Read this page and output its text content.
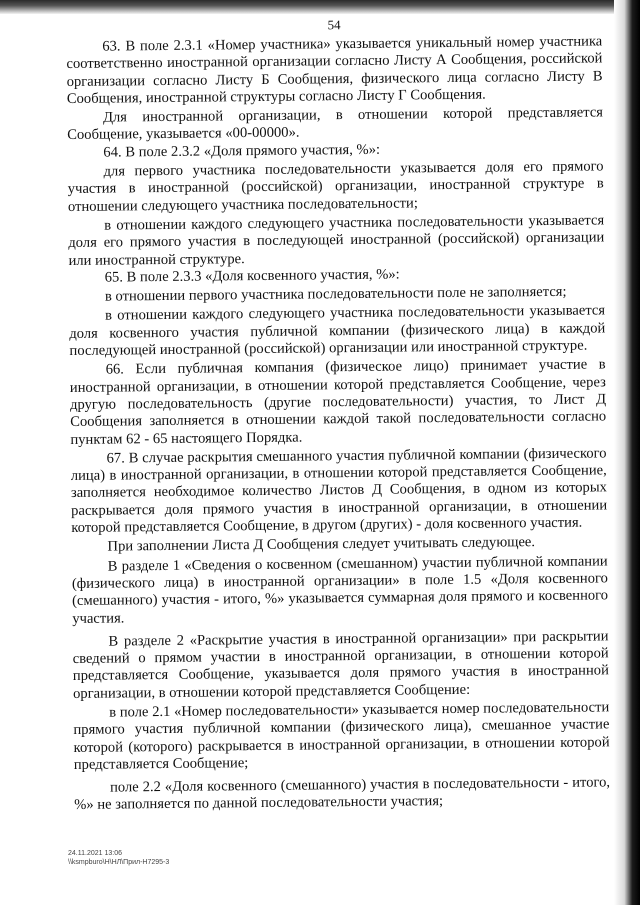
54

63. В поле 2.3.1 «Номер участника» указывается уникальный номер участника соответственно иностранной организации согласно Листу А Сообщения, российской организации согласно Листу Б Сообщения, физического лица согласно Листу В Сообщения, иностранной структуры согласно Листу Г Сообщения.

Для иностранной организации, в отношении которой представляется Сообщение, указывается «00-00000».

64. В поле 2.3.2 «Доля прямого участия, %»:

для первого участника последовательности указывается доля его прямого участия в иностранной (российской) организации, иностранной структуре в отношении следующего участника последовательности;

в отношении каждого следующего участника последовательности указывается доля его прямого участия в последующей иностранной (российской) организации или иностранной структуре.

65. В поле 2.3.3 «Доля косвенного участия, %»:

в отношении первого участника последовательности поле не заполняется;

в отношении каждого следующего участника последовательности указывается доля косвенного участия публичной компании (физического лица) в каждой последующей иностранной (российской) организации или иностранной структуре.

66. Если публичная компания (физическое лицо) принимает участие в иностранной организации, в отношении которой представляется Сообщение, через другую последовательность (другие последовательности) участия, то Лист Д Сообщения заполняется в отношении каждой такой последовательности согласно пунктам 62 - 65 настоящего Порядка.

67. В случае раскрытия смешанного участия публичной компании (физического лица) в иностранной организации, в отношении которой представляется Сообщение, заполняется необходимое количество Листов Д Сообщения, в одном из которых раскрывается доля прямого участия в иностранной организации, в отношении которой представляется Сообщение, в другом (других) - доля косвенного участия.

При заполнении Листа Д Сообщения следует учитывать следующее.

В разделе 1 «Сведения о косвенном (смешанном) участии публичной компании (физического лица) в иностранной организации» в поле 1.5 «Доля косвенного (смешанного) участия - итого, %» указывается суммарная доля прямого и косвенного участия.

В разделе 2 «Раскрытие участия в иностранной организации» при раскрытии сведений о прямом участии в иностранной организации, в отношении которой представляется Сообщение, указывается доля прямого участия в иностранной организации, в отношении которой представляется Сообщение:

в поле 2.1 «Номер последовательности» указывается номер последовательности прямого участия публичной компании (физического лица), смешанное участие которой (которого) раскрывается в иностранной организации, в отношении которой представляется Сообщение;

поле 2.2 «Доля косвенного (смешанного) участия в последовательности - итого, %» не заполняется по данной последовательности участия;

24.11.2021 13:06
\\ksmpburo\Н\НЛ\Прил-Н7295-3
